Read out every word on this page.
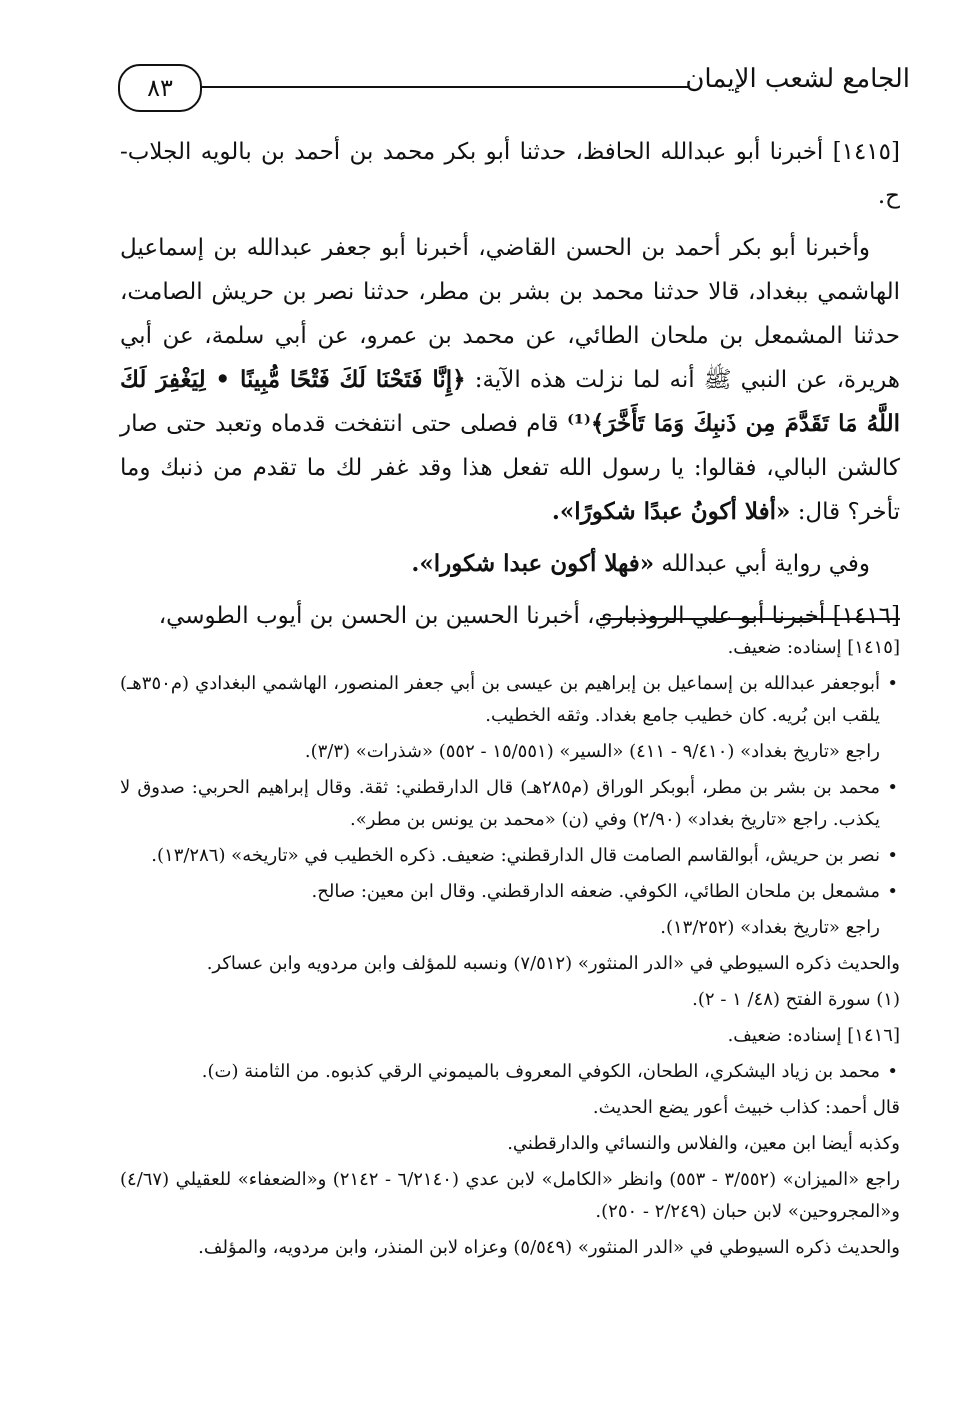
٨٣	الجامع لشعب الإيمان

[١٤١٥] أخبرنا أبو عبدالله الحافظ، حدثنا أبو بكر محمد بن أحمد بن بالويه الجلاب- ح.

وأخبرنا أبو بكر أحمد بن الحسن القاضي، أخبرنا أبو جعفر عبدالله بن إسماعيل الهاشمي ببغداد، قالا حدثنا محمد بن بشر بن مطر، حدثنا نصر بن حريش الصامت، حدثنا المشمعل بن ملحان الطائي، عن محمد بن عمرو، عن أبي سلمة، عن أبي هريرة، عن النبي ﷺ أنه لما نزلت هذه الآية: ﴿إِنَّا فَتَحْنَا لَكَ فَتْحًا مُّبِينًا • لِيَغْفِرَ لَكَ اللَّهُ مَا تَقَدَّمَ مِن ذَنبِكَ وَمَا تَأَخَّرَ﴾⁽¹⁾ قام فصلى حتى انتفخت قدماه وتعبد حتى صار كالشن البالي، فقالوا: يا رسول الله تفعل هذا وقد غفر لك ما تقدم من ذنبك وما تأخر؟ قال: «أفلا أكونُ عبدًا شكورًا».

وفي رواية أبي عبدالله «فهلا أكون عبدا شكورا».

[١٤١٦] أخبرنا أبو علي الروذباري، أخبرنا الحسين بن الحسن بن أيوب الطوسي،

[١٤١٥] إسناده: ضعيف.

• أبوجعفر عبدالله بن إسماعيل بن إبراهيم بن عيسى بن أبي جعفر المنصور، الهاشمي البغدادي (م٣٥٠هـ) يلقب ابن بُريه. كان خطيب جامع بغداد. وثقه الخطيب.

راجع «تاريخ بغداد» (٩/٤١٠ - ٤١١) «السير» (١٥/٥٥١ - ٥٥٢) «شذرات» (٣/٣).

• محمد بن بشر بن مطر، أبوبكر الوراق (م٢٨٥هـ) قال الدارقطني: ثقة. وقال إبراهيم الحربي: صدوق لا يكذب. راجع «تاريخ بغداد» (٢/٩٠) وفي (ن) «محمد بن يونس بن مطر».

• نصر بن حريش، أبوالقاسم الصامت قال الدارقطني: ضعيف. ذكره الخطيب في «تاريخه» (١٣/٢٨٦).

• مشمعل بن ملحان الطائي، الكوفي. ضعفه الدارقطني. وقال ابن معين: صالح.

راجع «تاريخ بغداد» (١٣/٢٥٢).

والحديث ذكره السيوطي في «الدر المنثور» (٧/٥١٢) ونسبه للمؤلف وابن مردويه وابن عساكر.

(١) سورة الفتح (٤٨/ ١ - ٢).

[١٤١٦] إسناده: ضعيف.

• محمد بن زياد اليشكري، الطحان، الكوفي المعروف بالميموني الرقي كذبوه. من الثامنة (ت).

قال أحمد: كذاب خبيث أعور يضع الحديث.

وكذبه أيضا ابن معين، والفلاس والنسائي والدارقطني.

راجع «الميزان» (٣/٥٥٢ - ٥٥٣) وانظر «الكامل» لابن عدي (٦/٢١٤٠ - ٢١٤٢) و«الضعفاء» للعقيلي (٤/٦٧) و«المجروحين» لابن حبان (٢/٢٤٩ - ٢٥٠).

والحديث ذكره السيوطي في «الدر المنثور» (٥/٥٤٩) وعزاه لابن المنذر، وابن مردويه، والمؤلف.
